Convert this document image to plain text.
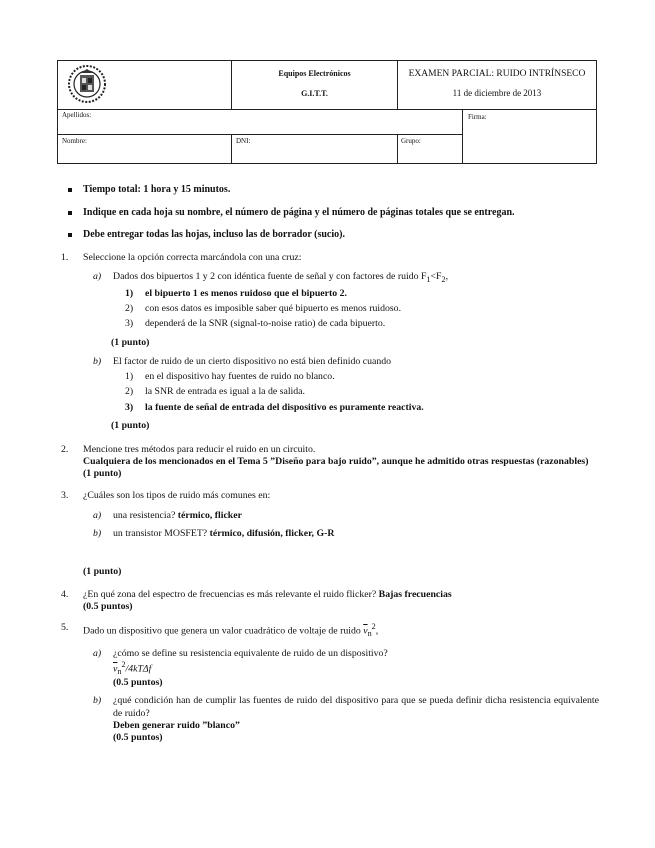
Equipos Electrónicos
G.I.T.T.
EXAMEN PARCIAL: RUIDO INTRÍNSECO
11 de diciembre de 2013
Apellidos:	Firma:
Nombre:	DNI:	Grupo:
Tiempo total: 1 hora y 15 minutos.
Indique en cada hoja su nombre, el número de página y el número de páginas totales que se entregan.
Debe entregar todas las hojas, incluso las de borrador (sucio).
1. Seleccione la opción correcta marcándola con una cruz:
a) Dados dos bipuertos 1 y 2 con idéntica fuente de señal y con factores de ruido $F_1<F_2$,
1) el bipuerto 1 es menos ruidoso que el bipuerto 2.
2) con esos datos es imposible saber qué bipuerto es menos ruidoso.
3) dependerá de la SNR (signal-to-noise ratio) de cada bipuerto.
(1 punto)
b) El factor de ruido de un cierto dispositivo no está bien definido cuando
1) en el dispositivo hay fuentes de ruido no blanco.
2) la SNR de entrada es igual a la de salida.
3) la fuente de señal de entrada del dispositivo es puramente reactiva.
(1 punto)
2. Mencione tres métodos para reducir el ruido en un circuito.
Cualquiera de los mencionados en el Tema 5 ”Diseño para bajo ruido”, aunque he admitido otras respuestas (razonables)
(1 punto)
3. ¿Cuáles son los tipos de ruido más comunes en:
a) una resistencia? térmico, flicker
b) un transistor MOSFET? térmico, difusión, flicker, G-R
(1 punto)
4. ¿En qué zona del espectro de frecuencias es más relevante el ruido flicker? Bajas frecuencias
(0.5 puntos)
5. Dado un dispositivo que genera un valor cuadrático de voltaje de ruido $\overline{v}_n^2$,
a) ¿cómo se define su resistencia equivalente de ruido de un dispositivo?
$\overline{v}_n^2/4kT\Delta f$
(0.5 puntos)
b) ¿qué condición han de cumplir las fuentes de ruido del dispositivo para que se pueda definir dicha resistencia equivalente de ruido?
Deben generar ruido ”blanco”
(0.5 puntos)
